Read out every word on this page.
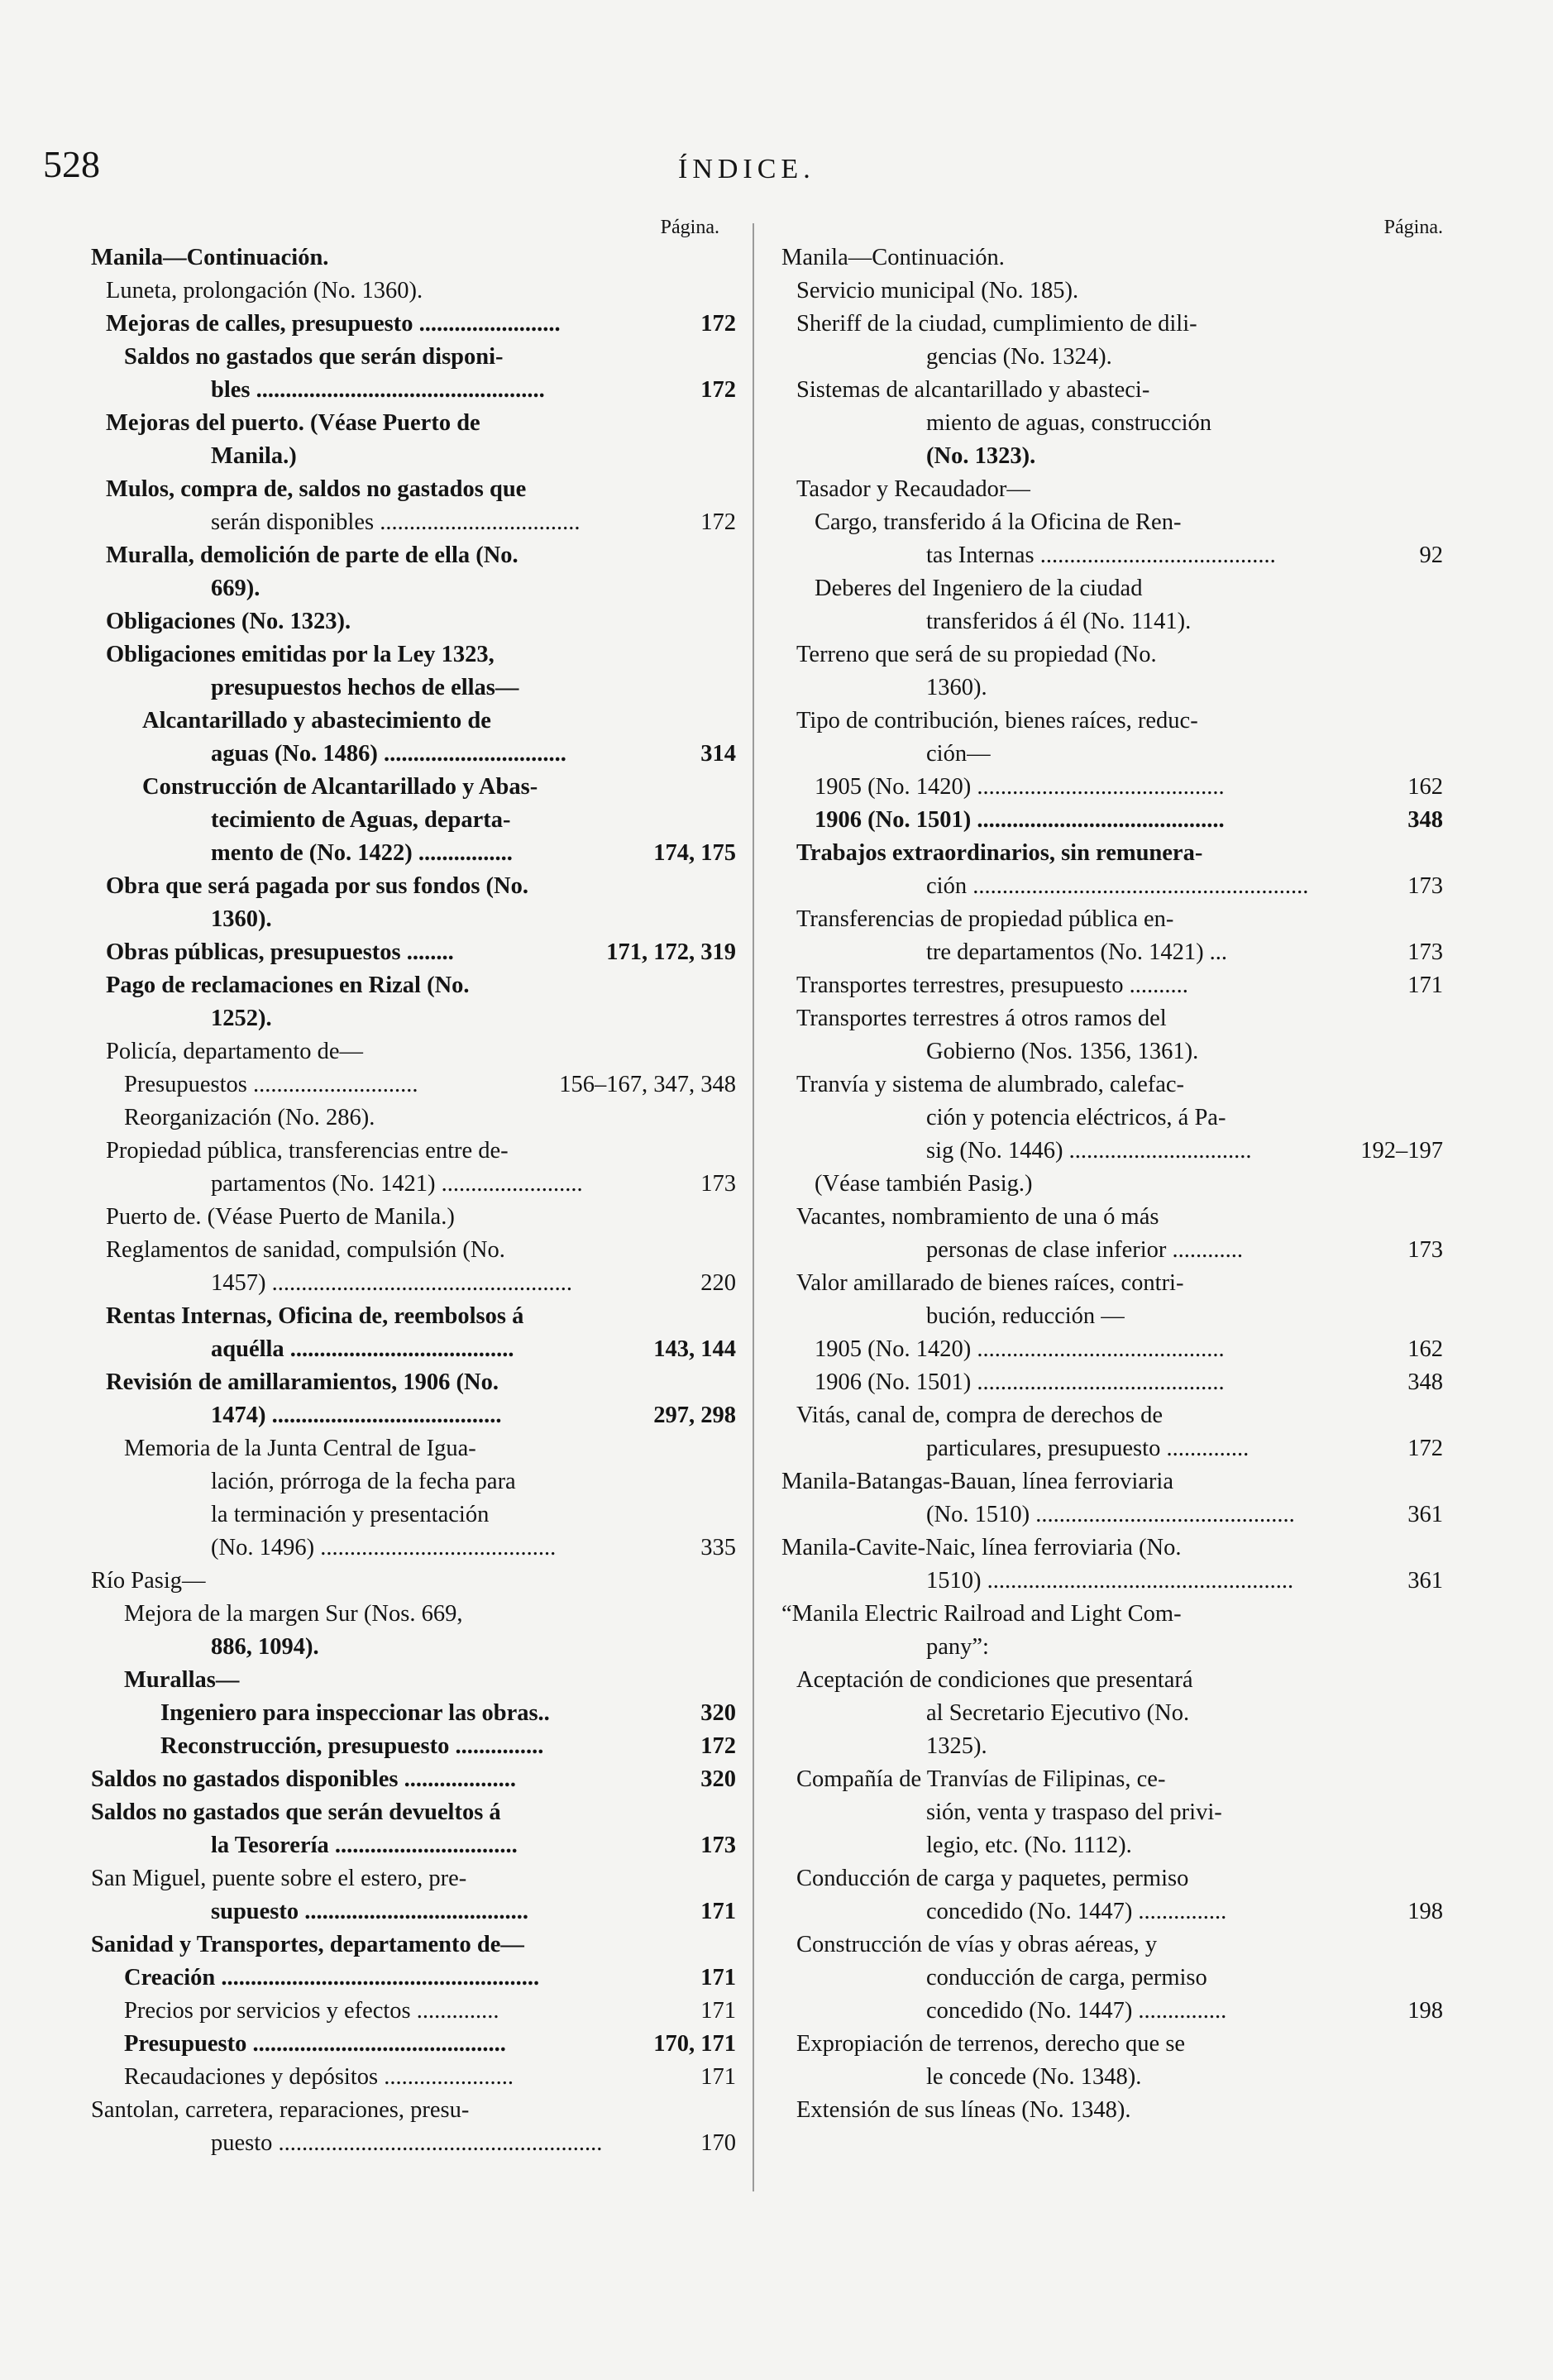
528	ÍNDICE.
Página.
Manila—Continuación.
Luneta, prolongación (No. 1360).
Mejoras de calles, presupuesto ........................	172
Saldos no gastados que serán disponi-
bles .................................................	172
Mejoras del puerto. (Véase Puerto de
Manila.)
Mulos, compra de, saldos no gastados que
serán disponibles ..................................	172
Muralla, demolición de parte de ella (No.
669).
Obligaciones (No. 1323).
Obligaciones emitidas por la Ley 1323,
presupuestos hechos de ellas—
Alcantarillado y abastecimiento de
aguas (No. 1486) ...............................	314
Construcción de Alcantarillado y Abas-
tecimiento de Aguas, departa-
mento de (No. 1422) ................	174, 175
Obra que será pagada por sus fondos (No.
1360).
Obras públicas, presupuestos ........	171, 172, 319
Pago de reclamaciones en Rizal (No.
1252).
Policía, departamento de—
Presupuestos ............................	156–167, 347, 348
Reorganización (No. 286).
Propiedad pública, transferencias entre de-
partamentos (No. 1421) ........................	173
Puerto de. (Véase Puerto de Manila.)
Reglamentos de sanidad, compulsión (No.
1457) ...................................................	220
Rentas Internas, Oficina de, reembolsos á
aquélla ......................................	143, 144
Revisión de amillaramientos, 1906 (No.
1474) .......................................	297, 298
Memoria de la Junta Central de Igua-
lación, prórroga de la fecha para
la terminación y presentación
(No. 1496) ........................................	335
Río Pasig—
Mejora de la margen Sur (Nos. 669,
886, 1094).
Murallas—
Ingeniero para inspeccionar las obras..	320
Reconstrucción, presupuesto ...............	172
Saldos no gastados disponibles ...................	320
Saldos no gastados que serán devueltos á
la Tesorería ...............................	173
San Miguel, puente sobre el estero, pre-
supuesto ......................................	171
Sanidad y Transportes, departamento de—
Creación ......................................................	171
Precios por servicios y efectos ..............	171
Presupuesto ...........................................	170, 171
Recaudaciones y depósitos ......................	171
Santolan, carretera, reparaciones, presu-
puesto .......................................................	170
Página.
Manila—Continuación.
Servicio municipal (No. 185).
Sheriff de la ciudad, cumplimiento de dili-
gencias (No. 1324).
Sistemas de alcantarillado y abasteci-
miento de aguas, construcción
(No. 1323).
Tasador y Recaudador—
Cargo, transferido á la Oficina de Ren-
tas Internas ........................................	92
Deberes del Ingeniero de la ciudad
transferidos á él (No. 1141).
Terreno que será de su propiedad (No.
1360).
Tipo de contribución, bienes raíces, reduc-
ción—
1905 (No. 1420) ..........................................	162
1906 (No. 1501) ..........................................	348
Trabajos extraordinarios, sin remunera-
ción .........................................................	173
Transferencias de propiedad pública en-
tre departamentos (No. 1421) ...	173
Transportes terrestres, presupuesto ..........	171
Transportes terrestres á otros ramos del
Gobierno (Nos. 1356, 1361).
Tranvía y sistema de alumbrado, calefac-
ción y potencia eléctricos, á Pa-
sig (No. 1446) ...............................	192–197
(Véase también Pasig.)
Vacantes, nombramiento de una ó más
personas de clase inferior ............	173
Valor amillarado de bienes raíces, contri-
bución, reducción —
1905 (No. 1420) ..........................................	162
1906 (No. 1501) ..........................................	348
Vitás, canal de, compra de derechos de
particulares, presupuesto ..............	172
Manila-Batangas-Bauan, línea ferroviaria
(No. 1510) ............................................	361
Manila-Cavite-Naic, línea ferroviaria (No.
1510) ....................................................	361
“Manila Electric Railroad and Light Com-
pany”:
Aceptación de condiciones que presentará
al Secretario Ejecutivo (No.
1325).
Compañía de Tranvías de Filipinas, ce-
sión, venta y traspaso del privi-
legio, etc. (No. 1112).
Conducción de carga y paquetes, permiso
concedido (No. 1447) ...............	198
Construcción de vías y obras aéreas, y
conducción de carga, permiso
concedido (No. 1447) ...............	198
Expropiación de terrenos, derecho que se
le concede (No. 1348).
Extensión de sus líneas (No. 1348).
